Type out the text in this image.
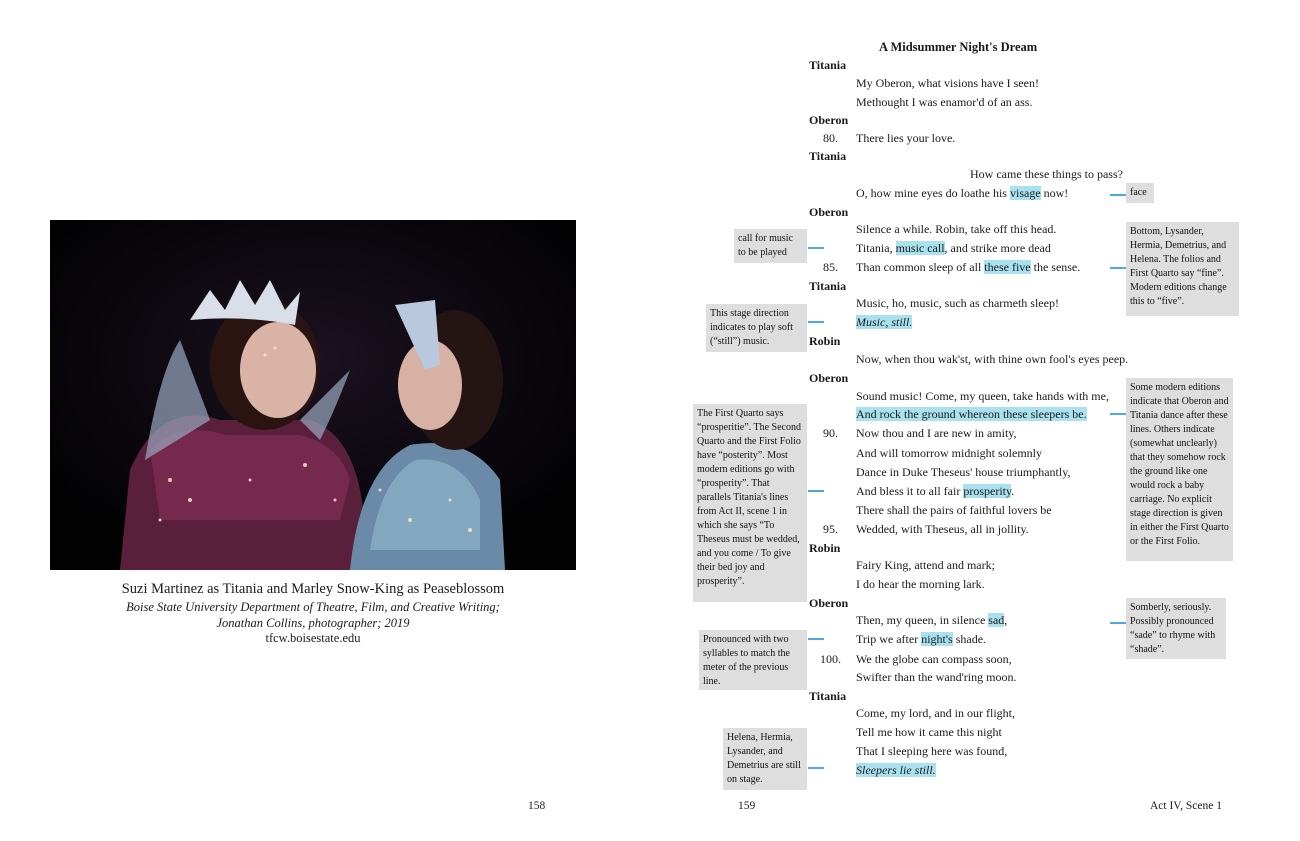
Suzi Martinez as Titania and Marley Snow-King as Peaseblossom
Boise State University Department of Theatre, Film, and Creative Writing;
Jonathan Collins, photographer; 2019
tfcw.boisestate.edu
158
A Midsummer Night's Dream
Titania
My Oberon, what visions have I seen!
Methought I was enamor'd of an ass.
Oberon
80. There lies your love.
Titania
How came these things to pass?
O, how mine eyes do loathe his visage now!
Oberon
Silence a while. Robin, take off this head.
Titania, music call, and strike more dead
85. Than common sleep of all these five the sense.
Titania
Music, ho, music, such as charmeth sleep!
Music, still.
Robin
Now, when thou wak'st, with thine own fool's eyes peep.
Oberon
Sound music! Come, my queen, take hands with me,
And rock the ground whereon these sleepers be.
90. Now thou and I are new in amity,
And will tomorrow midnight solemnly
Dance in Duke Theseus' house triumphantly,
And bless it to all fair prosperity.
There shall the pairs of faithful lovers be
95. Wedded, with Theseus, all in jollity.
Robin
Fairy King, attend and mark;
I do hear the morning lark.
Oberon
Then, my queen, in silence sad,
Trip we after night's shade.
100. We the globe can compass soon,
Swifter than the wand'ring moon.
Titania
Come, my lord, and in our flight,
Tell me how it came this night
That I sleeping here was found,
Sleepers lie still.
face
Bottom, Lysander, Hermia, Demetrius, and Helena. The folios and First Quarto say “fine”. Modern editions change this to “five”.
Some modern editions indicate that Oberon and Titania dance after these lines. Others indicate (somewhat unclearly) that they somehow rock the ground like one would rock a baby carriage. No explicit stage direction is given in either the First Quarto or the First Folio.
Somberly, seriously. Possibly pronounced “sade” to rhyme with “shade”.
call for music to be played
This stage direction indicates to play soft (“still”) music.
The First Quarto says “prosperitie”. The Second Quarto and the First Folio have “posterity”. Most modern editions go with “prosperity”. That parallels Titania's lines from Act II, scene 1 in which she says “To Theseus must be wedded, and you come / To give their bed joy and prosperity”.
Pronounced with two syllables to match the meter of the previous line.
Helena, Hermia, Lysander, and Demetrius are still on stage.
159	Act IV, Scene 1
